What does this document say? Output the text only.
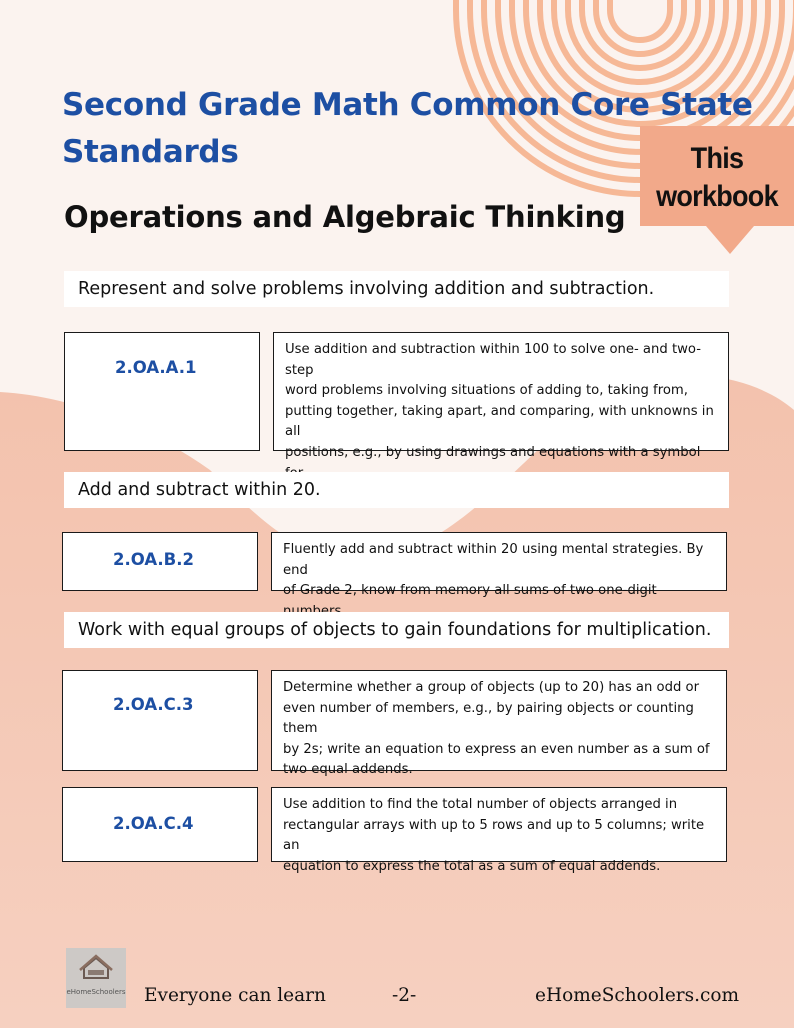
Second Grade Math Common Core State Standards
Operations and Algebraic Thinking
This
workbook
Represent and solve problems involving addition and subtraction.
2.OA.A.1
Use addition and subtraction within 100 to solve one- and two-step
word problems involving situations of adding to, taking from,
putting together, taking apart, and comparing, with unknowns in all
positions, e.g., by using drawings and equations with a symbol
Add and subtract within 20.
2.OA.B.2
Fluently add and subtract within 20 using mental strategies. By end
of Grade 2, know from memory all sums of two one-digit
Work with equal groups of objects to gain foundations for multiplication.
2.OA.C.3
Determine whether a group of objects (up to 20) has an odd or
even number of members, e.g., by pairing objects or counting them
by 2s; write an equation to express an even number as a sum of
two equal addends.
2.OA.C.4
Use addition to find the total number of objects arranged in
rectangular arrays with up to 5 rows and up to 5 columns; write an
equation to express the total as a sum of equal addends.
eHomeSchoolers Everyone can learn	-2-	eHomeSchoolers.com
